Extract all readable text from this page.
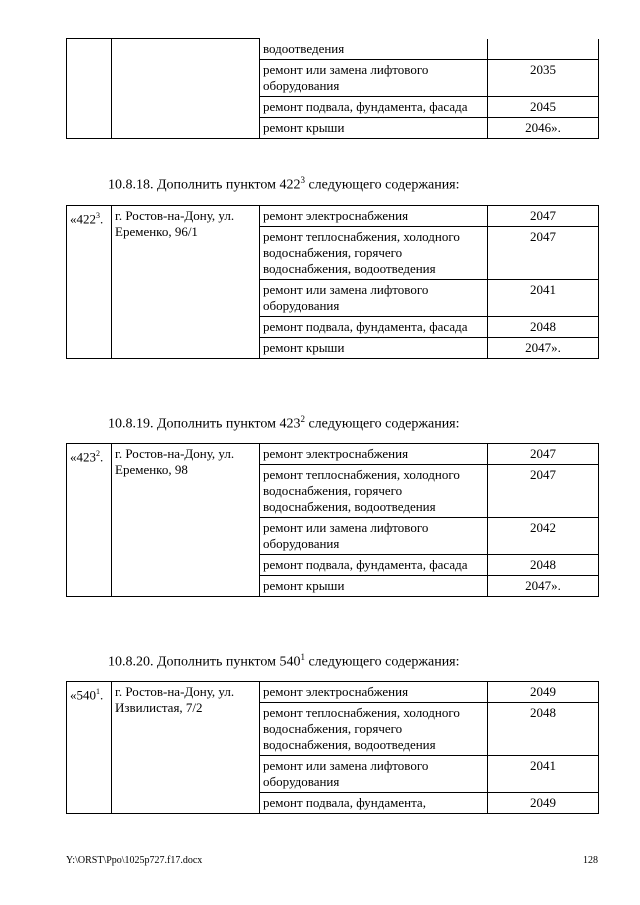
		водоотведения	
		ремонт или замена лифтового оборудования	2035
		ремонт подвала, фундамента, фасада	2045
		ремонт крыши	2046».
10.8.18. Дополнить пунктом $422^3$ следующего содержания:
«$422^3$.	г. Ростов-на-Дону, ул. Еременко, 96/1	ремонт электроснабжения	2047
		ремонт теплоснабжения, холодного водоснабжения, горячего водоснабжения, водоотведения	2047
		ремонт или замена лифтового оборудования	2041
		ремонт подвала, фундамента, фасада	2048
		ремонт крыши	2047».
10.8.19. Дополнить пунктом $423^2$ следующего содержания:
«$423^2$.	г. Ростов-на-Дону, ул. Еременко, 98	ремонт электроснабжения	2047
		ремонт теплоснабжения, холодного водоснабжения, горячего водоснабжения, водоотведения	2047
		ремонт или замена лифтового оборудования	2042
		ремонт подвала, фундамента, фасада	2048
		ремонт крыши	2047».
10.8.20. Дополнить пунктом $540^1$ следующего содержания:
«$540^1$.	г. Ростов-на-Дону, ул. Извилистая, 7/2	ремонт электроснабжения	2049
		ремонт теплоснабжения, холодного водоснабжения, горячего водоснабжения, водоотведения	2048
		ремонт или замена лифтового оборудования	2041
		ремонт подвала, фундамента,	2049
Y:\ORST\Ppo\1025p727.f17.docx	128
